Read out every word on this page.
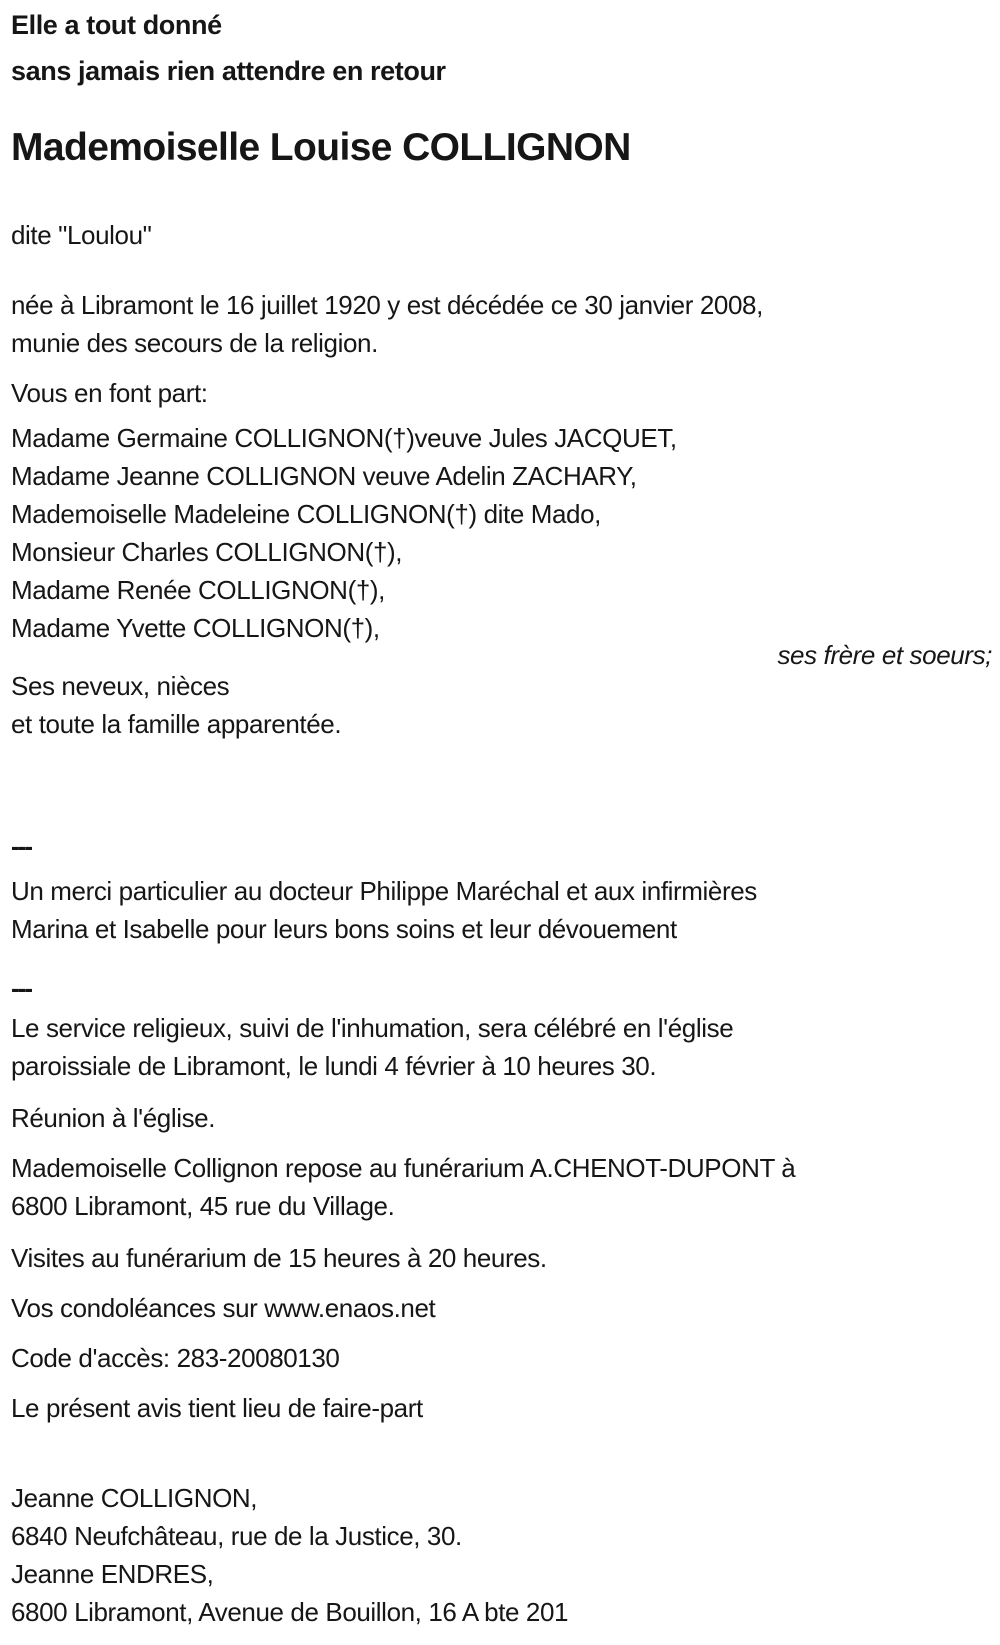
Elle a tout donné
sans jamais rien attendre en retour
Mademoiselle Louise COLLIGNON
dite "Loulou"
née à Libramont le 16 juillet 1920 y est décédée ce 30 janvier 2008,
munie des secours de la religion.
Vous en font part:
Madame Germaine COLLIGNON(†)veuve Jules JACQUET,
Madame Jeanne COLLIGNON veuve Adelin ZACHARY,
Mademoiselle Madeleine COLLIGNON(†) dite Mado,
Monsieur Charles COLLIGNON(†),
Madame Renée COLLIGNON(†),
Madame Yvette COLLIGNON(†),
ses frère et soeurs;
Ses neveux, nièces
et toute la famille apparentée.
---
Un merci particulier au docteur Philippe Maréchal et aux infirmières
Marina et Isabelle pour leurs bons soins et leur dévouement
---
Le service religieux, suivi de l'inhumation, sera célébré en l'église
paroissiale de Libramont, le lundi 4 février à 10 heures 30.
Réunion à l'église.
Mademoiselle Collignon repose au funérarium A.CHENOT-DUPONT à
6800 Libramont, 45 rue du Village.
Visites au funérarium de 15 heures à 20 heures.
Vos condoléances sur www.enaos.net
Code d'accès: 283-20080130
Le présent avis tient lieu de faire-part
Jeanne COLLIGNON,
6840 Neufchâteau, rue de la Justice, 30.
Jeanne ENDRES,
6800 Libramont, Avenue de Bouillon, 16 A bte 201
